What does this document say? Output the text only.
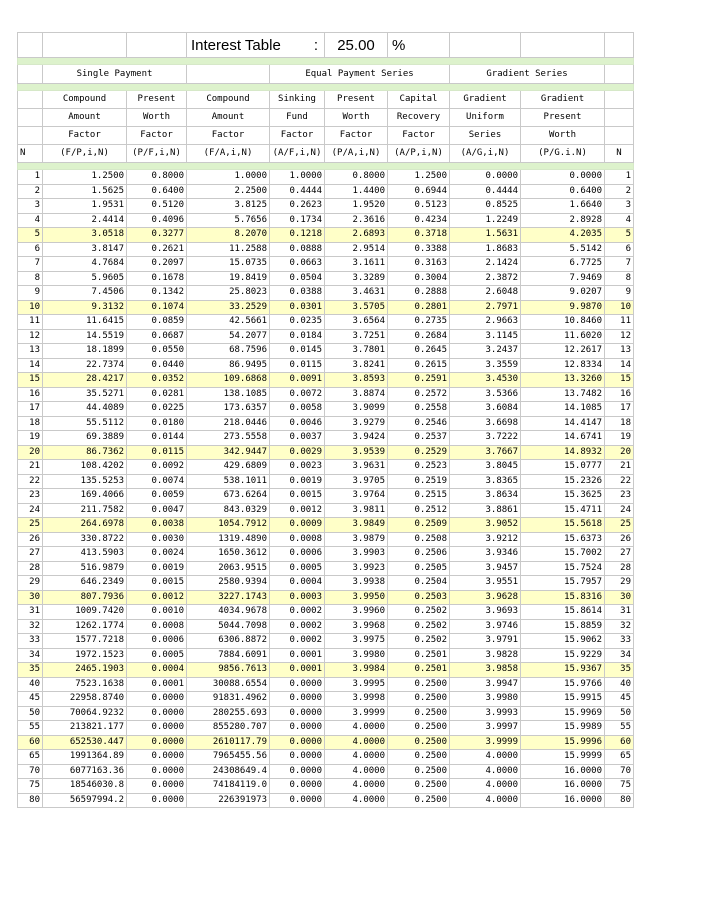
			Interest Table :		25.00	%			

	Single Payment			Equal Payment Series			Gradient Series		

	Compound	Present	Compound	Sinking	Present	Capital	Gradient	Gradient	
	Amount	Worth	Amount	Fund	Worth	Recovery	Uniform	Present	
	Factor	Factor	Factor	Factor	Factor	Factor	Series	Worth	
N	(F/P,i,N)	(P/F,i,N)	(F/A,i,N)	(A/F,i,N)	(P/A,i,N)	(A/P,i,N)	(A/G,i,N)	(P/G.i.N)	N

1	1.2500	0.8000	1.0000	1.0000	0.8000	1.2500	0.0000	0.0000	1
2	1.5625	0.6400	2.2500	0.4444	1.4400	0.6944	0.4444	0.6400	2
3	1.9531	0.5120	3.8125	0.2623	1.9520	0.5123	0.8525	1.6640	3
4	2.4414	0.4096	5.7656	0.1734	2.3616	0.4234	1.2249	2.8928	4
5	3.0518	0.3277	8.2070	0.1218	2.6893	0.3718	1.5631	4.2035	5
6	3.8147	0.2621	11.2588	0.0888	2.9514	0.3388	1.8683	5.5142	6
7	4.7684	0.2097	15.0735	0.0663	3.1611	0.3163	2.1424	6.7725	7
8	5.9605	0.1678	19.8419	0.0504	3.3289	0.3004	2.3872	7.9469	8
9	7.4506	0.1342	25.8023	0.0388	3.4631	0.2888	2.6048	9.0207	9
10	9.3132	0.1074	33.2529	0.0301	3.5705	0.2801	2.7971	9.9870	10
11	11.6415	0.0859	42.5661	0.0235	3.6564	0.2735	2.9663	10.8460	11
12	14.5519	0.0687	54.2077	0.0184	3.7251	0.2684	3.1145	11.6020	12
13	18.1899	0.0550	68.7596	0.0145	3.7801	0.2645	3.2437	12.2617	13
14	22.7374	0.0440	86.9495	0.0115	3.8241	0.2615	3.3559	12.8334	14
15	28.4217	0.0352	109.6868	0.0091	3.8593	0.2591	3.4530	13.3260	15
16	35.5271	0.0281	138.1085	0.0072	3.8874	0.2572	3.5366	13.7482	16
17	44.4089	0.0225	173.6357	0.0058	3.9099	0.2558	3.6084	14.1085	17
18	55.5112	0.0180	218.0446	0.0046	3.9279	0.2546	3.6698	14.4147	18
19	69.3889	0.0144	273.5558	0.0037	3.9424	0.2537	3.7222	14.6741	19
20	86.7362	0.0115	342.9447	0.0029	3.9539	0.2529	3.7667	14.8932	20
21	108.4202	0.0092	429.6809	0.0023	3.9631	0.2523	3.8045	15.0777	21
22	135.5253	0.0074	538.1011	0.0019	3.9705	0.2519	3.8365	15.2326	22
23	169.4066	0.0059	673.6264	0.0015	3.9764	0.2515	3.8634	15.3625	23
24	211.7582	0.0047	843.0329	0.0012	3.9811	0.2512	3.8861	15.4711	24
25	264.6978	0.0038	1054.7912	0.0009	3.9849	0.2509	3.9052	15.5618	25
26	330.8722	0.0030	1319.4890	0.0008	3.9879	0.2508	3.9212	15.6373	26
27	413.5903	0.0024	1650.3612	0.0006	3.9903	0.2506	3.9346	15.7002	27
28	516.9879	0.0019	2063.9515	0.0005	3.9923	0.2505	3.9457	15.7524	28
29	646.2349	0.0015	2580.9394	0.0004	3.9938	0.2504	3.9551	15.7957	29
30	807.7936	0.0012	3227.1743	0.0003	3.9950	0.2503	3.9628	15.8316	30
31	1009.7420	0.0010	4034.9678	0.0002	3.9960	0.2502	3.9693	15.8614	31
32	1262.1774	0.0008	5044.7098	0.0002	3.9968	0.2502	3.9746	15.8859	32
33	1577.7218	0.0006	6306.8872	0.0002	3.9975	0.2502	3.9791	15.9062	33
34	1972.1523	0.0005	7884.6091	0.0001	3.9980	0.2501	3.9828	15.9229	34
35	2465.1903	0.0004	9856.7613	0.0001	3.9984	0.2501	3.9858	15.9367	35
40	7523.1638	0.0001	30088.6554	0.0000	3.9995	0.2500	3.9947	15.9766	40
45	22958.8740	0.0000	91831.4962	0.0000	3.9998	0.2500	3.9980	15.9915	45
50	70064.9232	0.0000	280255.693	0.0000	3.9999	0.2500	3.9993	15.9969	50
55	213821.177	0.0000	855280.707	0.0000	4.0000	0.2500	3.9997	15.9989	55
60	652530.447	0.0000	2610117.79	0.0000	4.0000	0.2500	3.9999	15.9996	60
65	1991364.89	0.0000	7965455.56	0.0000	4.0000	0.2500	4.0000	15.9999	65
70	6077163.36	0.0000	24308649.4	0.0000	4.0000	0.2500	4.0000	16.0000	70
75	18546030.8	0.0000	74184119.0	0.0000	4.0000	0.2500	4.0000	16.0000	75
80	56597994.2	0.0000	226391973	0.0000	4.0000	0.2500	4.0000	16.0000	80
